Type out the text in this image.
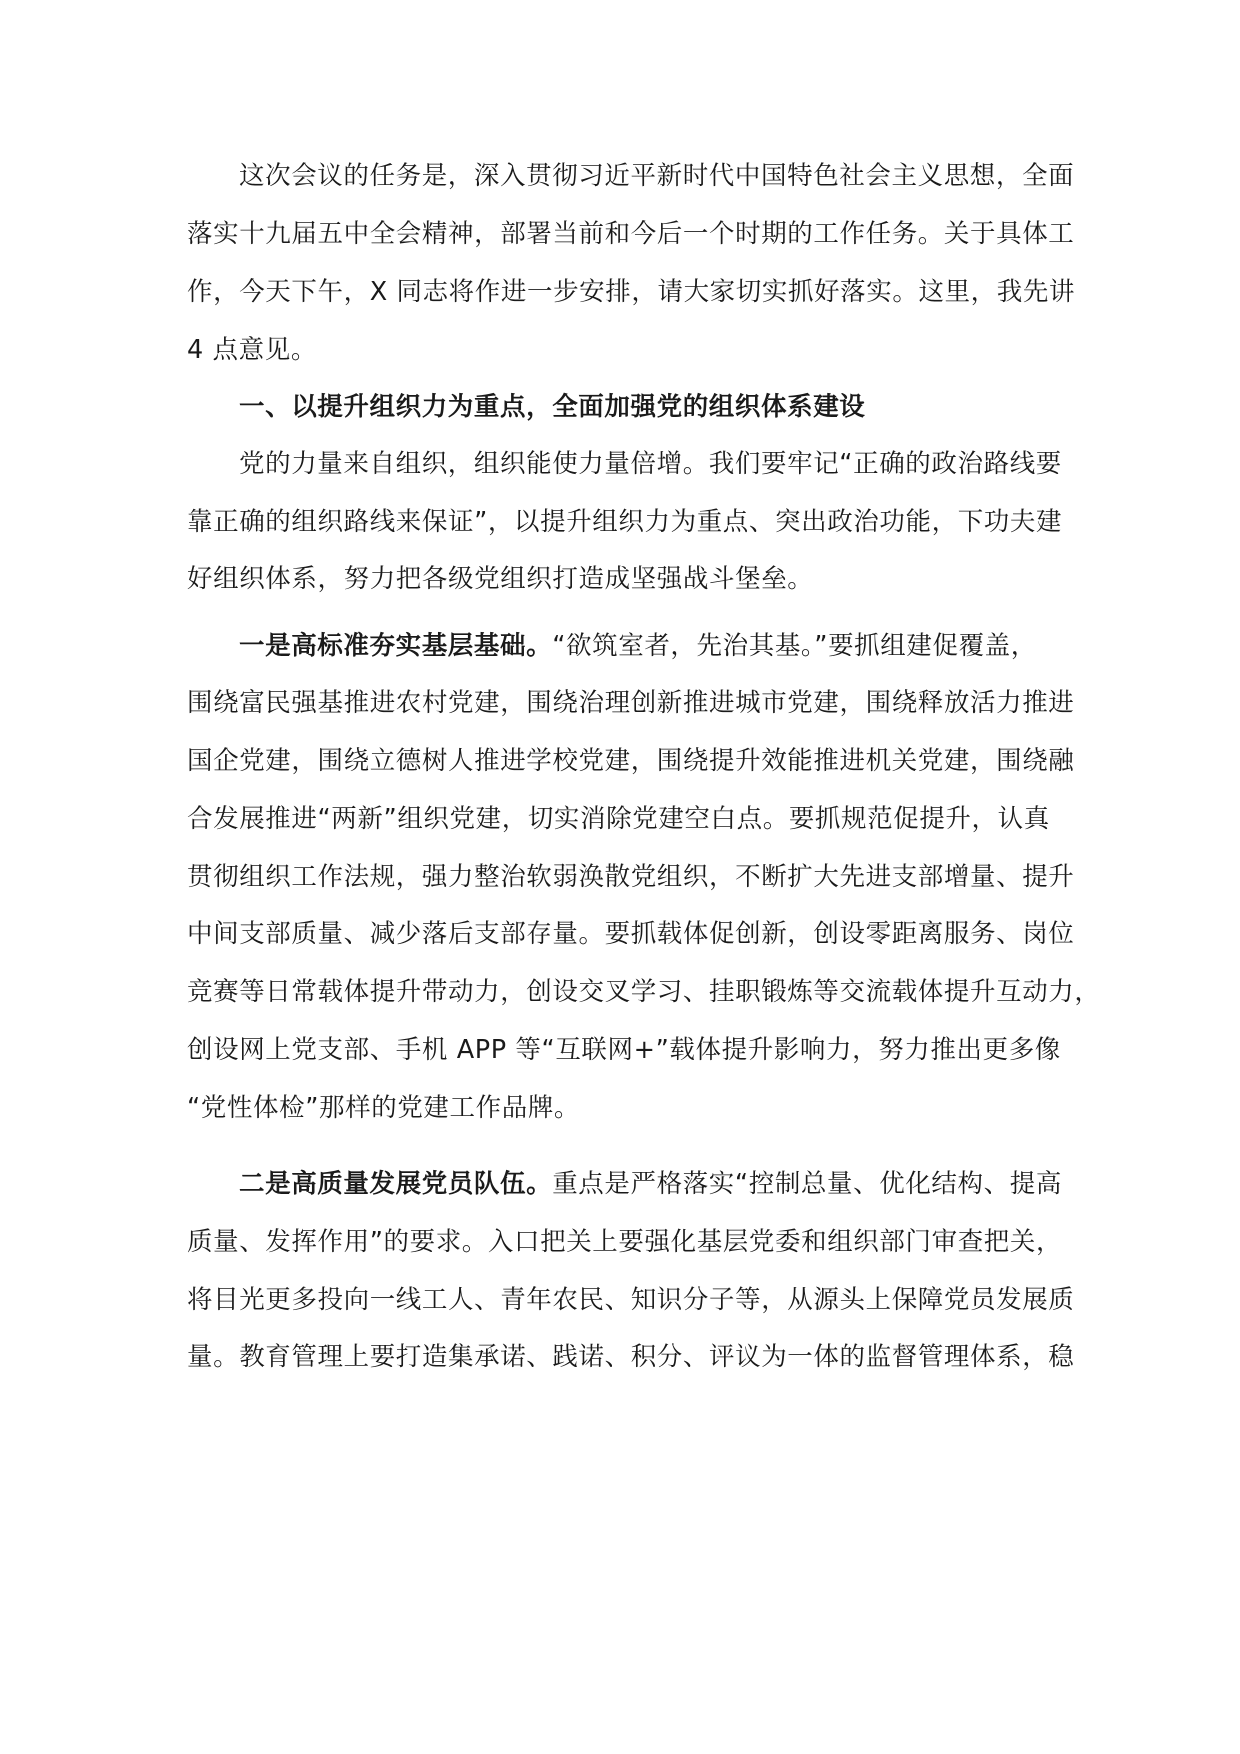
这次会议的任务是，深入贯彻习近平新时代中国特色社会主义思想，全面
落实十九届五中全会精神，部署当前和今后一个时期的工作任务。关于具体工
作，今天下午，X 同志将作进一步安排，请大家切实抓好落实。这里，我先讲
4 点意见。
一、以提升组织力为重点，全面加强党的组织体系建设
党的力量来自组织，组织能使力量倍增。我们要牢记“正确的政治路线要
靠正确的组织路线来保证”，以提升组织力为重点、突出政治功能，下功夫建
好组织体系，努力把各级党组织打造成坚强战斗堡垒。
一是高标准夯实基层基础。“欲筑室者，先治其基。”要抓组建促覆盖，
围绕富民强基推进农村党建，围绕治理创新推进城市党建，围绕释放活力推进
国企党建，围绕立德树人推进学校党建，围绕提升效能推进机关党建，围绕融
合发展推进“两新”组织党建，切实消除党建空白点。要抓规范促提升，认真
贯彻组织工作法规，强力整治软弱涣散党组织，不断扩大先进支部增量、提升
中间支部质量、减少落后支部存量。要抓载体促创新，创设零距离服务、岗位
竞赛等日常载体提升带动力，创设交叉学习、挂职锻炼等交流载体提升互动力，
创设网上党支部、手机 APP 等“互联网+”载体提升影响力，努力推出更多像
“党性体检”那样的党建工作品牌。
二是高质量发展党员队伍。重点是严格落实“控制总量、优化结构、提高
质量、发挥作用”的要求。入口把关上要强化基层党委和组织部门审查把关，
将目光更多投向一线工人、青年农民、知识分子等，从源头上保障党员发展质
量。教育管理上要打造集承诺、践诺、积分、评议为一体的监督管理体系，稳
